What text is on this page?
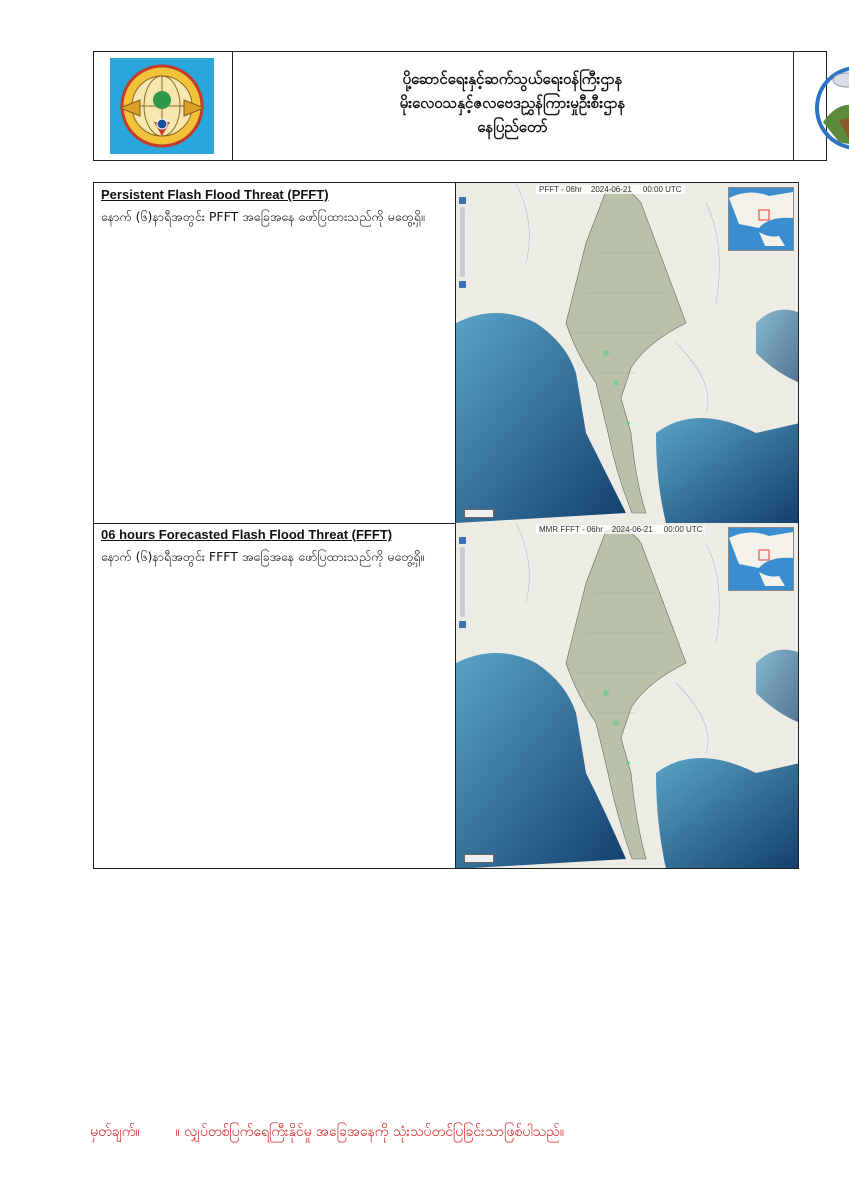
ပို့ဆောင်ရေးနှင့်ဆက်သွယ်ရေးဝန်ကြီးဌာန
မိုးလေဝသနှင့်ဇလဗေဒညွှန်ကြားမှုဦးစီးဌာန
နေပြည်တော်

Persistent Flash Flood Threat (PFFT)

နောက် (၆)နာရီအတွင်း PFFT အခြေအနေ ဖော်ပြထားသည်ကို မတွေ့ရှိ။

PFFT - 06hr    2024-06-21     00:00 UTC

06 hours Forecasted Flash Flood Threat (FFFT)

နောက် (၆)နာရီအတွင်း FFFT အခြေအနေ ဖော်ပြထားသည်ကို မတွေ့ရှိ။

MMR FFFT - 06hr    2024-06-21     00:00 UTC
မှတ်ချက်။        ။ လျှပ်တစ်ပြက်ရေကြီးနိုင်မှု အခြေအနေကို သုံးသပ်တင်ပြခြင်းသာဖြစ်ပါသည်။
